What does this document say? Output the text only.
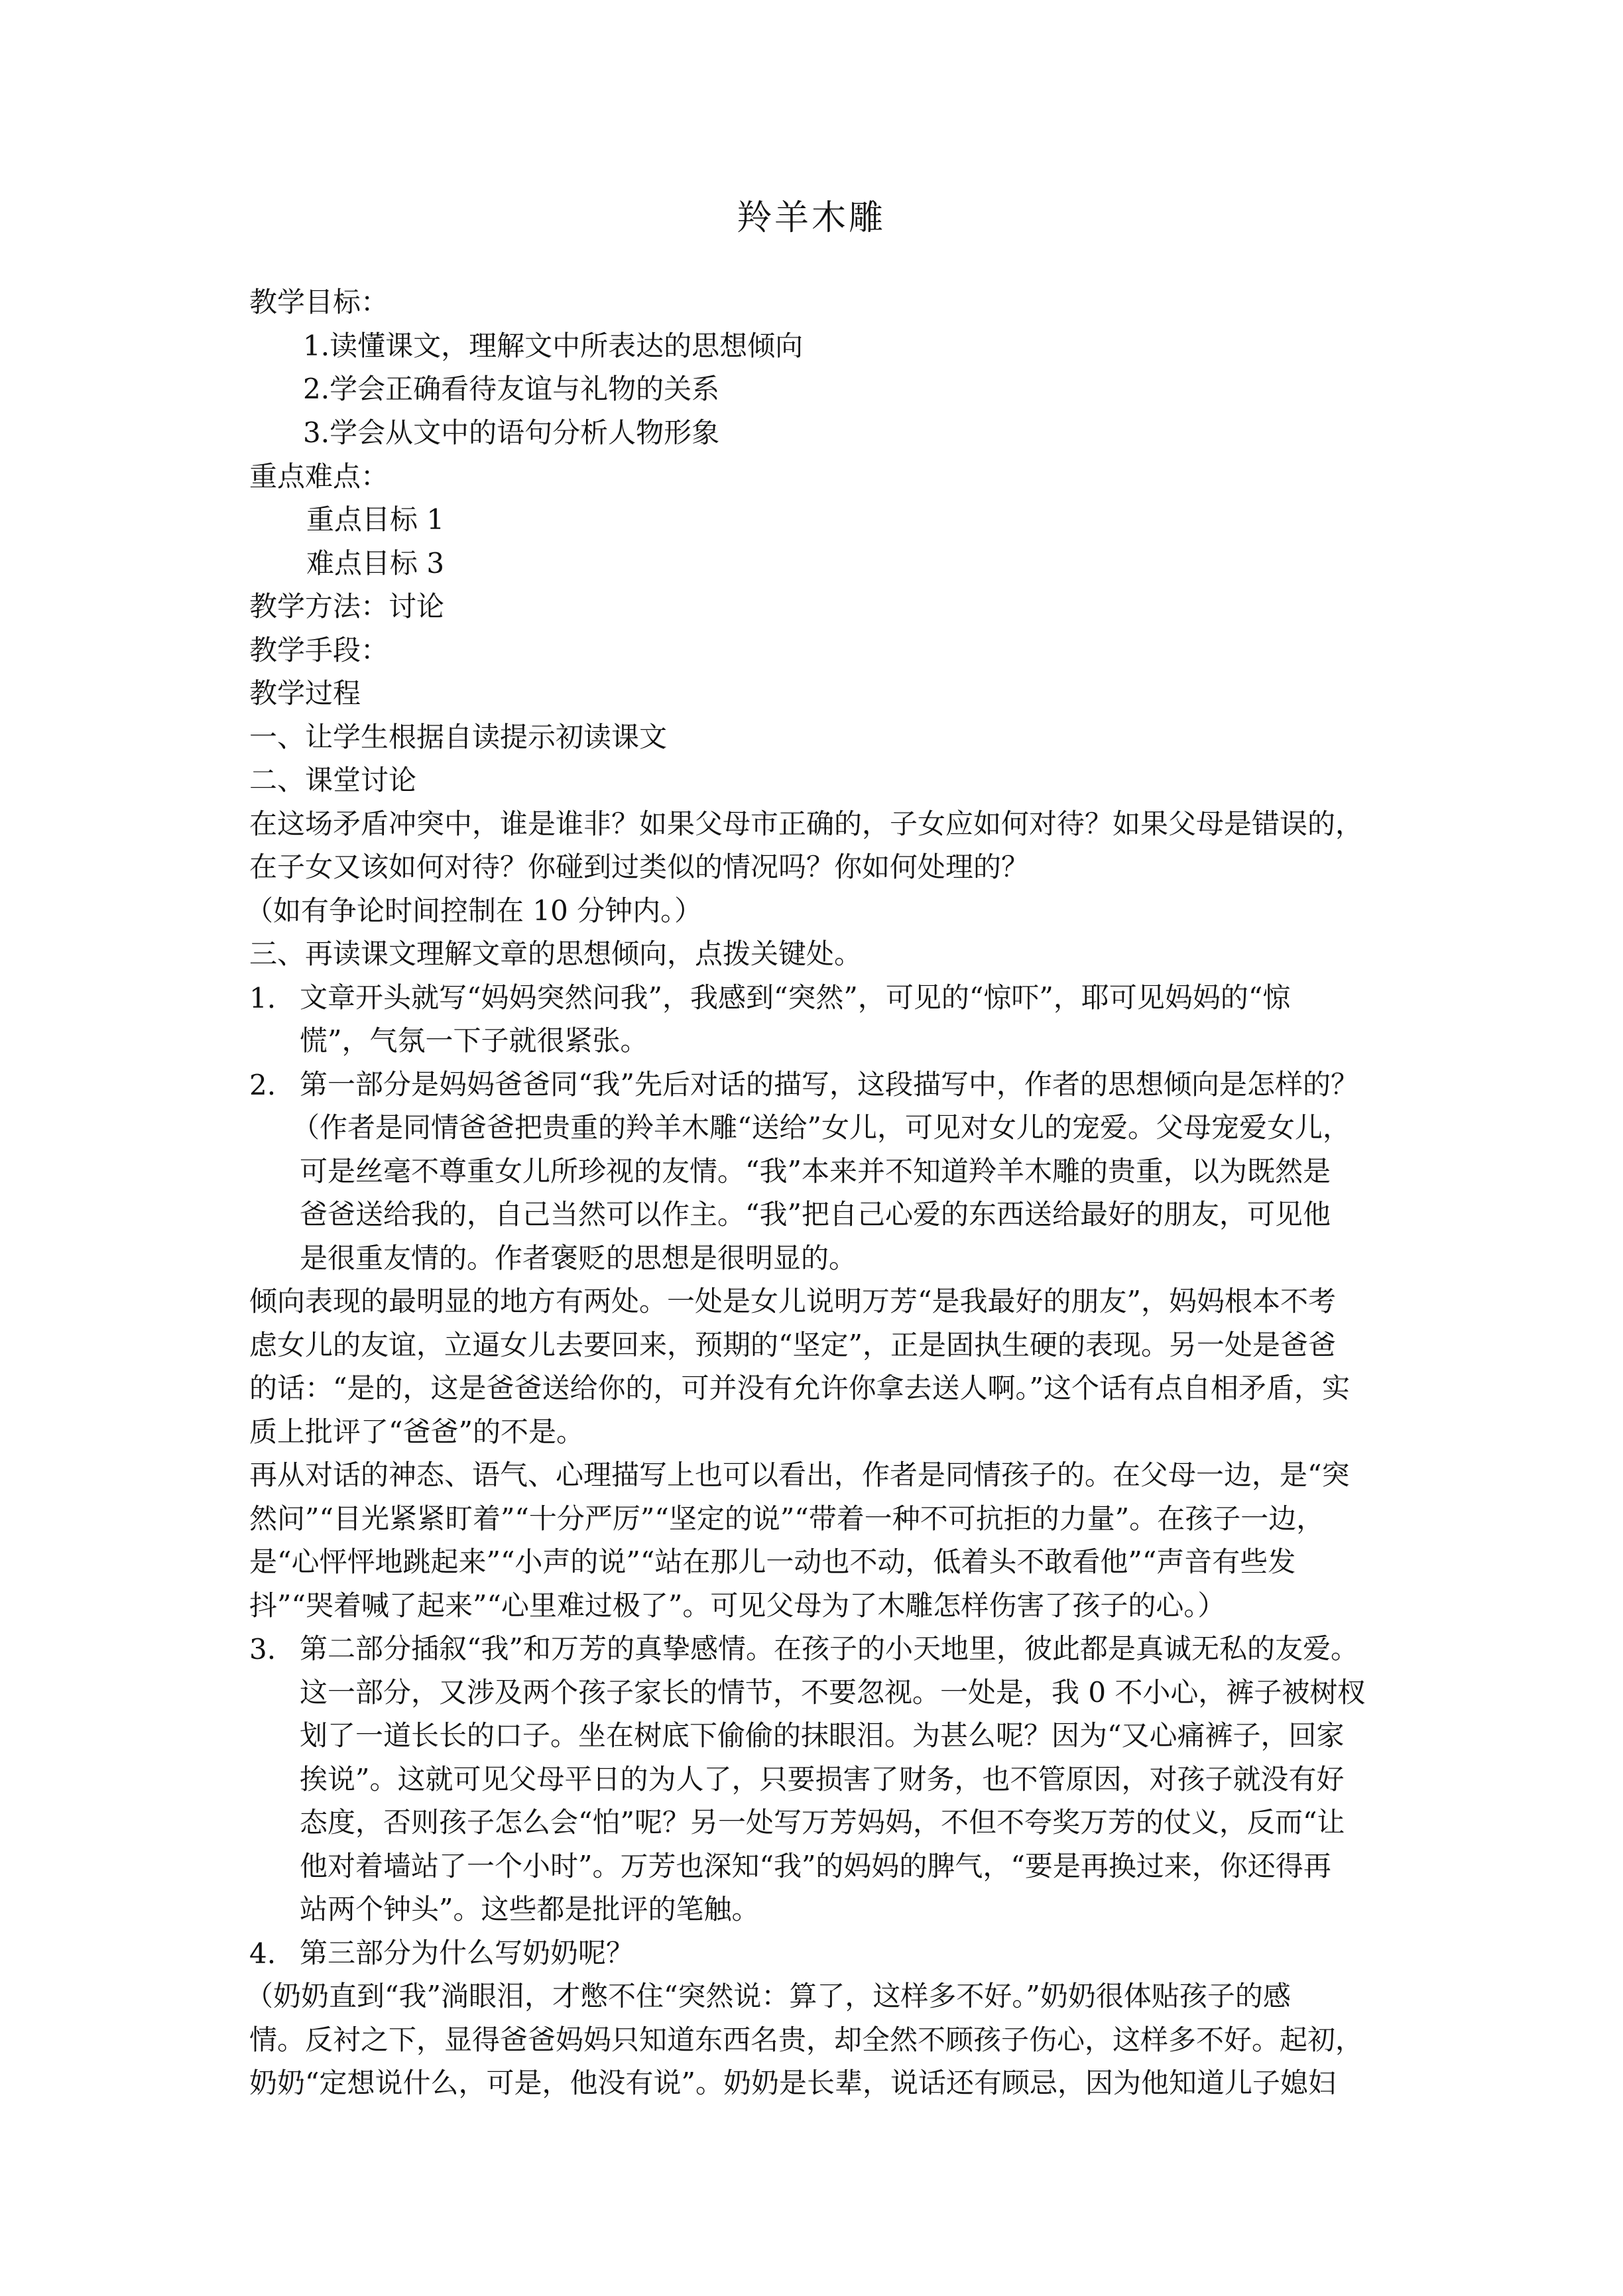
羚羊木雕
教学目标：
1.读懂课文，理解文中所表达的思想倾向
2.学会正确看待友谊与礼物的关系
3.学会从文中的语句分析人物形象
重点难点：
重点目标 1
难点目标 3
教学方法：讨论
教学手段：
教学过程
一、让学生根据自读提示初读课文
二、课堂讨论
在这场矛盾冲突中，谁是谁非？如果父母市正确的，子女应如何对待？如果父母是错误的，
在子女又该如何对待？你碰到过类似的情况吗？你如何处理的？
（如有争论时间控制在 10 分钟内。）
三、再读课文理解文章的思想倾向，点拨关键处。
1. 文章开头就写“妈妈突然问我”，我感到“突然”，可见的“惊吓”，耶可见妈妈的“惊
慌”，气氛一下子就很紧张。
2. 第一部分是妈妈爸爸同“我”先后对话的描写，这段描写中，作者的思想倾向是怎样的？
（作者是同情爸爸把贵重的羚羊木雕“送给”女儿，可见对女儿的宠爱。父母宠爱女儿，
可是丝毫不尊重女儿所珍视的友情。“我”本来并不知道羚羊木雕的贵重，以为既然是
爸爸送给我的，自己当然可以作主。“我”把自己心爱的东西送给最好的朋友，可见他
是很重友情的。作者褒贬的思想是很明显的。
倾向表现的最明显的地方有两处。一处是女儿说明万芳“是我最好的朋友”，妈妈根本不考
虑女儿的友谊，立逼女儿去要回来，预期的“坚定”，正是固执生硬的表现。另一处是爸爸
的话：“是的，这是爸爸送给你的，可并没有允许你拿去送人啊。”这个话有点自相矛盾，实
质上批评了“爸爸”的不是。
再从对话的神态、语气、心理描写上也可以看出，作者是同情孩子的。在父母一边，是“突
然问”“目光紧紧盯着”“十分严厉”“坚定的说”“带着一种不可抗拒的力量”。在孩子一边，
是“心怦怦地跳起来”“小声的说”“站在那儿一动也不动，低着头不敢看他”“声音有些发
抖”“哭着喊了起来”“心里难过极了”。可见父母为了木雕怎样伤害了孩子的心。）
3. 第二部分插叙“我”和万芳的真挚感情。在孩子的小天地里，彼此都是真诚无私的友爱。
这一部分，又涉及两个孩子家长的情节，不要忽视。一处是，我 0 不小心，裤子被树杈
划了一道长长的口子。坐在树底下偷偷的抹眼泪。为甚么呢？因为“又心痛裤子，回家
挨说”。这就可见父母平日的为人了，只要损害了财务，也不管原因，对孩子就没有好
态度，否则孩子怎么会“怕”呢？另一处写万芳妈妈，不但不夸奖万芳的仗义，反而“让
他对着墙站了一个小时”。万芳也深知“我”的妈妈的脾气，“要是再换过来，你还得再
站两个钟头”。这些都是批评的笔触。
4. 第三部分为什么写奶奶呢？
（奶奶直到“我”淌眼泪，才憋不住“突然说：算了，这样多不好。”奶奶很体贴孩子的感
情。反衬之下，显得爸爸妈妈只知道东西名贵，却全然不顾孩子伤心，这样多不好。起初，
奶奶“定想说什么，可是，他没有说”。奶奶是长辈，说话还有顾忌，因为他知道儿子媳妇
